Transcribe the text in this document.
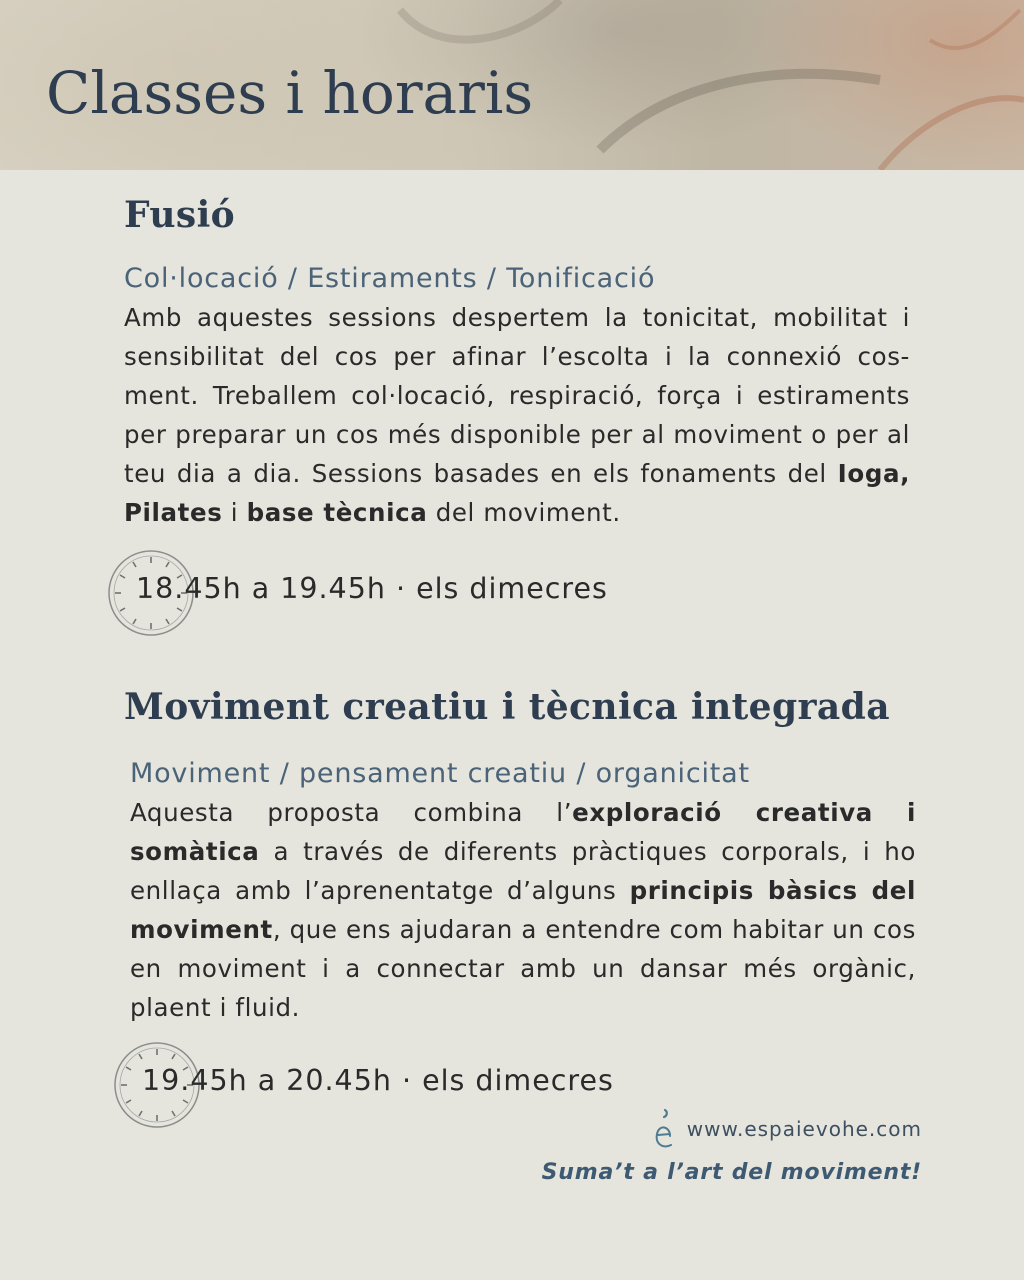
Classes i horaris
Fusió

Col·locació / Estiraments / Tonificació

Amb aquestes sessions despertem la tonicitat, mobilitat i sensibilitat del cos per afinar l’escolta i la connexió cos-ment. Treballem col·locació, respiració, força i estiraments per preparar un cos més disponible per al moviment o per al teu dia a dia. Sessions basades en els fonaments del Ioga, Pilates i base tècnica del moviment.

18.45h a 19.45h · els dimecres
Moviment creatiu i tècnica integrada

Moviment / pensament creatiu / organicitat

Aquesta proposta combina l’exploració creativa i somàtica a través de diferents pràctiques corporals, i ho enllaça amb l’aprenentatge d’alguns principis bàsics del moviment, que ens ajudaran a entendre com habitar un cos en moviment i a connectar amb un dansar més orgànic, plaent i fluid.

19.45h a 20.45h · els dimecres
www.espaievohe.com
Suma’t a l’art del moviment!
